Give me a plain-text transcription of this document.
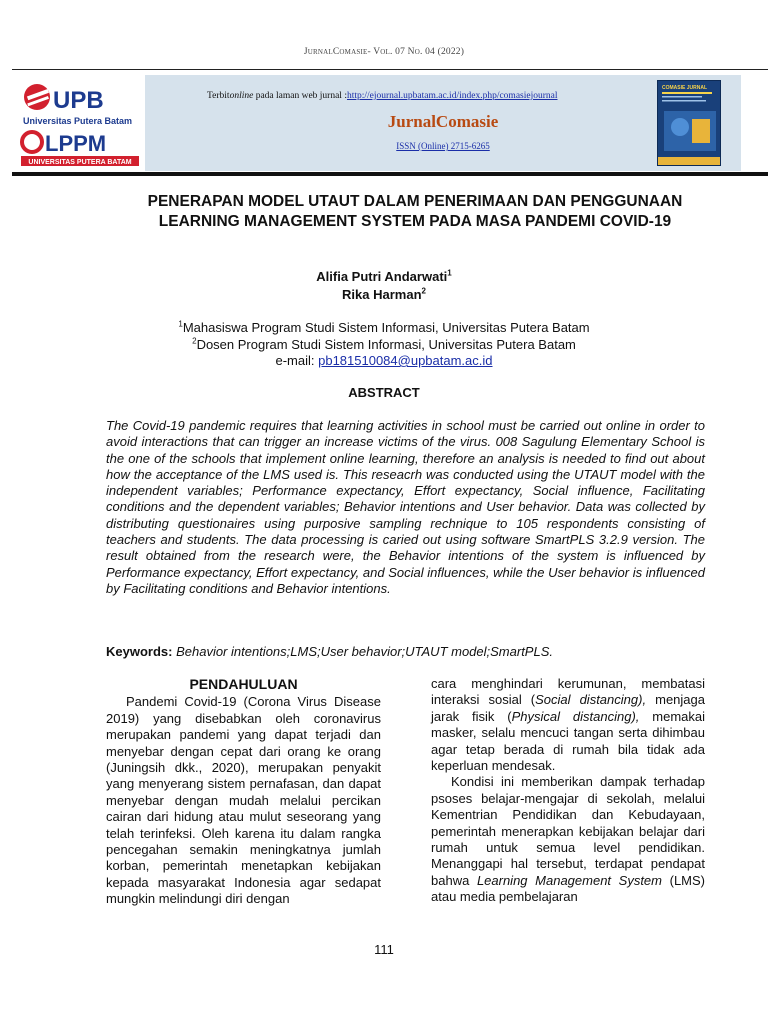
JurnalComasie- Vol. 07 No. 04 (2022)
UPB
Universitas Putera Batam
LPPM
UNIVERSITAS PUTERA BATAM
Terbitonline pada laman web jurnal :http://ejournal.upbatam.ac.id/index.php/comasiejournal
JurnalComasie
ISSN (Online) 2715-6265
COMASIE JURNAL
PENERAPAN MODEL UTAUT DALAM PENERIMAAN DAN PENGGUNAAN LEARNING MANAGEMENT SYSTEM PADA MASA PANDEMI COVID-19
Alifia Putri Andarwati$^1$
Rika Harman$^2$
$^1$Mahasiswa Program Studi Sistem Informasi, Universitas Putera Batam
$^2$Dosen Program Studi Sistem Informasi, Universitas Putera Batam
e-mail: pb181510084@upbatam.ac.id
ABSTRACT

The Covid-19 pandemic requires that learning activities in school must be carried out online in order to avoid interactions that can trigger an increase victims of the virus. 008 Sagulung Elementary School is the one of the schools that implement online learning, therefore an analysis is needed to find out about how the acceptance of the LMS used is. This reseacrh was conducted using the UTAUT model with the independent variables; Performance expectancy, Effort expectancy, Social influence, Facilitating conditions and the dependent variables; Behavior intentions and User behavior. Data was collected by distributing questionaires using purposive sampling rechnique to 105 respondents consisting of teachers and students. The data processing is caried out using software SmartPLS 3.2.9 version. The result obtained from the research were, the Behavior intentions of the system is influenced by Performance expectancy, Effort expectancy, and Social influences, while the User behavior is influenced by Facilitating conditions and Behavior intentions.

Keywords: Behavior intentions;LMS;User behavior;UTAUT model;SmartPLS.

PENDAHULUAN

Pandemi Covid-19 (Corona Virus Disease 2019) yang disebabkan oleh coronavirus merupakan pandemi yang dapat terjadi dan menyebar dengan cepat dari orang ke orang (Juningsih dkk., 2020), merupakan penyakit yang menyerang sistem pernafasan, dan dapat menyebar dengan mudah melalui percikan cairan dari hidung atau mulut seseorang yang telah terinfeksi. Oleh karena itu dalam rangka pencegahan semakin meningkatnya jumlah korban, pemerintah menetapkan kebijakan kepada masyarakat Indonesia agar sedapat mungkin melindungi diri dengan

cara menghindari kerumunan, membatasi interaksi sosial (Social distancing), menjaga jarak fisik (Physical distancing), memakai masker, selalu mencuci tangan serta dihimbau agar tetap berada di rumah bila tidak ada keperluan mendesak.

Kondisi ini memberikan dampak terhadap psoses belajar-mengajar di sekolah, melalui Kementrian Pendidikan dan Kebudayaan, pemerintah menerapkan kebijakan belajar dari rumah untuk semua level pendidikan. Menanggapi hal tersebut, terdapat pendapat bahwa Learning Management System (LMS) atau media pembelajaran

111
